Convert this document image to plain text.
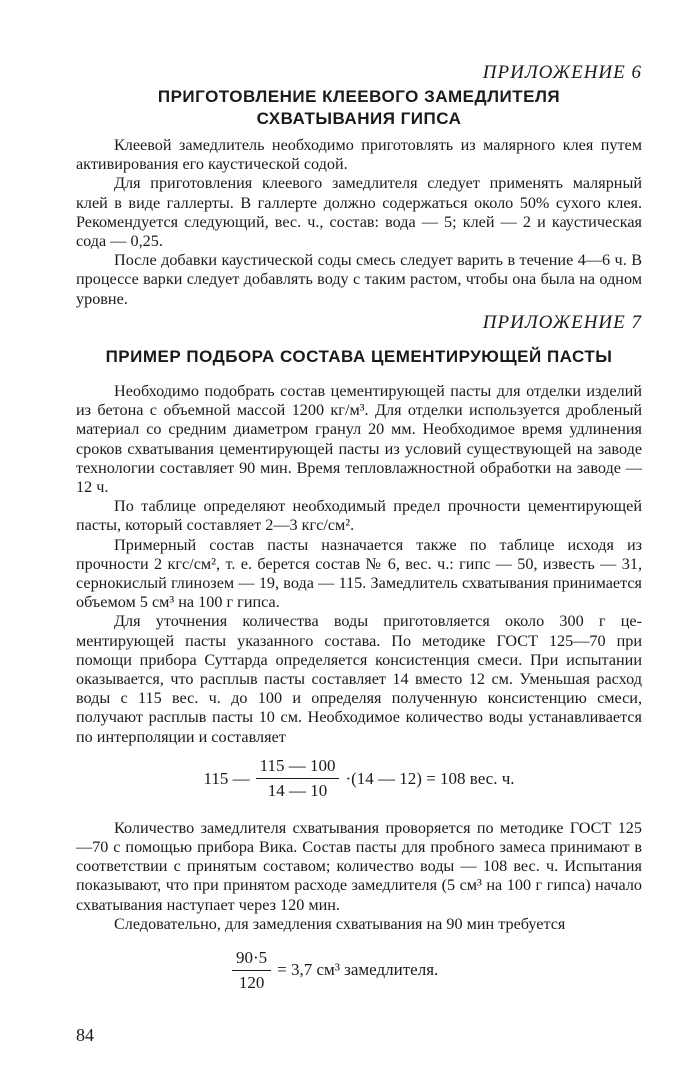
ПРИЛОЖЕНИЕ 6
ПРИГОТОВЛЕНИЕ КЛЕЕВОГО ЗАМЕДЛИТЕЛЯ
СХВАТЫВАНИЯ ГИПСА

Клеевой замедлитель необходимо приготовлять из малярного клея путем активирования его каустической содой.

Для приготовления клеевого замедлителя следует применять малярный клей в виде галлерты. В галлерте должно содержаться около 50% сухого клея. Рекомендуется следующий, вес. ч., состав: вода — 5; клей — 2 и каустическая сода — 0,25.

После добавки каустической соды смесь следует варить в течение 4—6 ч. В процессе варки следует добавлять воду с таким растом, чтобы она была на одном уровне.

ПРИЛОЖЕНИЕ 7
ПРИМЕР ПОДБОРА СОСТАВА ЦЕМЕНТИРУЮЩЕЙ ПАСТЫ

Необходимо подобрать состав цементирующей пасты для отделки изделий из бетона с объемной массой 1200 кг/м³. Для отделки используется дробленый материал со средним диаметром гранул 20 мм. Необходимое время удлинения сроков схватывания цементирующей пасты из условий существующей на заводе технологии составляет 90 мин. Время тепловлажностной обработки на заводе — 12 ч.

По таблице определяют необходимый предел прочности цементирующей пасты, который составляет 2—3 кгс/см².

Примерный состав пасты назначается также по таблице исходя из прочности 2 кгс/см², т. е. берется состав № 6, вес. ч.: гипс — 50, известь — 31, сернокислый глинозем — 19, вода — 115. Замедлитель схватывания принимается объемом 5 см³ на 100 г гипса.

Для уточнения количества воды приготовляется около 300 г цементирующей пасты указанного состава. По методике ГОСТ 125—70 при помощи прибора Суттарда определяется консистенция смеси. При испытании оказывается, что расплыв пасты составляет 14 вместо 12 см. Уменьшая расход воды с 115 вес. ч. до 100 и определяя полученную консистенцию смеси, получают расплыв пасты 10 см. Необходимое количество воды устанавливается по интерполяции и составляет

115 — $\frac{115 — 100}{14 — 10} \cdot(14$ — 12) = 108 вес. ч.

Количество замедлителя схватывания проворяется по методике ГОСТ 125—70 с помощью прибора Вика. Состав пасты для пробного замеса принимают в соответствии с принятым составом; количество воды — 108 вес. ч. Испытания показывают, что при принятом расходе замедлителя (5 см³ на 100 г гипса) начало схватывания наступает через 120 мин.

Следовательно, для замедления схватывания на 90 мин требуется

$\frac{90\cdot 5}{120} = 3,7$ см³ замедлителя.
84
